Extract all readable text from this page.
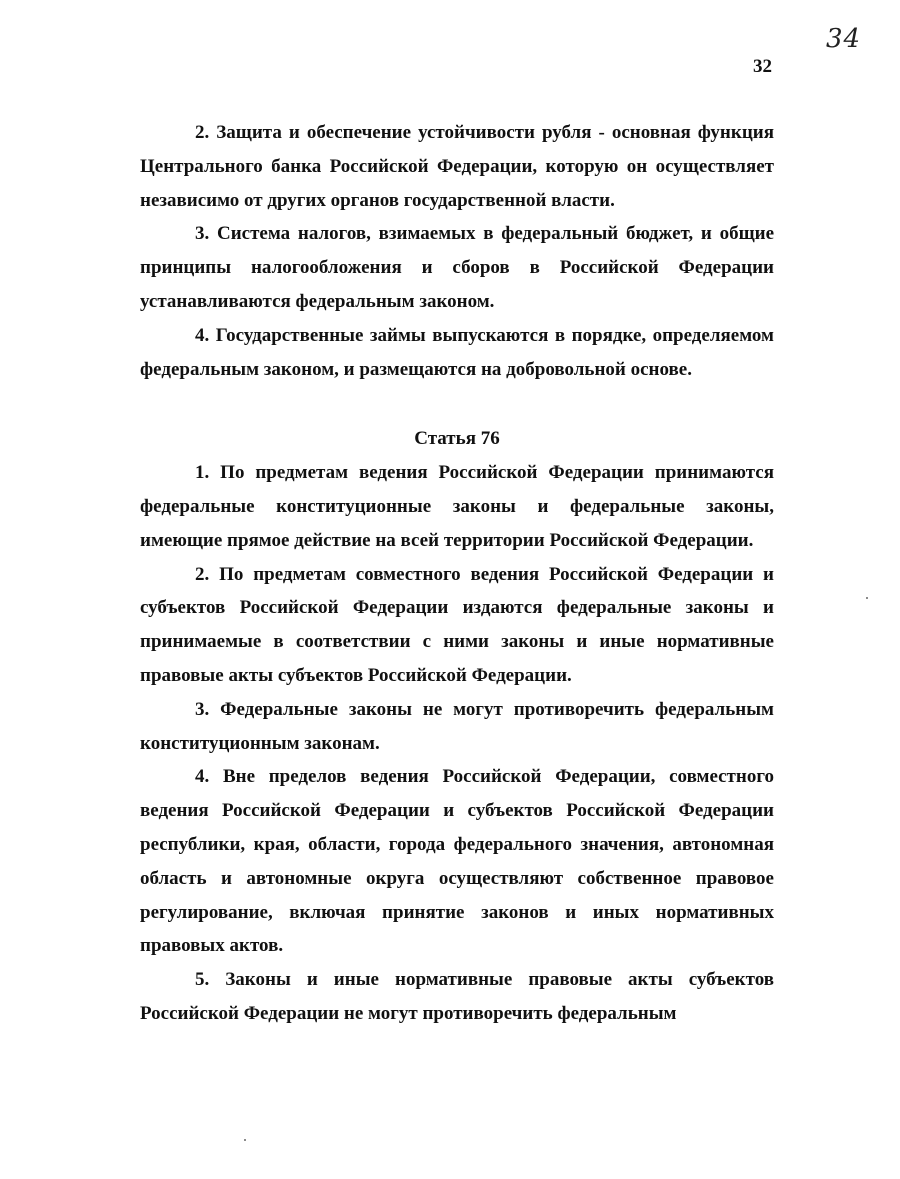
34
32

2. Защита и обеспечение устойчивости рубля - основная функция Центрального банка Российской Федерации, которую он осуществляет независимо от других органов государственной власти.

3. Система налогов, взимаемых в федеральный бюджет, и общие принципы налогообложения и сборов в Российской Федерации устанавливаются федеральным законом.

4. Государственные займы выпускаются в порядке, определяемом федеральным законом, и размещаются на добровольной основе.

Статья 76

1. По предметам ведения Российской Федерации принимаются федеральные конституционные законы и федеральные законы, имеющие прямое действие на всей территории Российской Федерации.

2. По предметам совместного ведения Российской Федерации и субъектов Российской Федерации издаются федеральные законы и принимаемые в соответствии с ними законы и иные нормативные правовые акты субъектов Российской Федерации.

3. Федеральные законы не могут противоречить федеральным конституционным законам.

4. Вне пределов ведения Российской Федерации, совместного ведения Российской Федерации и субъектов Российской Федерации республики, края, области, города федерального значения, автономная область и автономные округа осуществляют собственное правовое регулирование, включая принятие законов и иных нормативных правовых актов.

5. Законы и иные нормативные правовые акты субъектов Российской Федерации не могут противоречить федеральным
